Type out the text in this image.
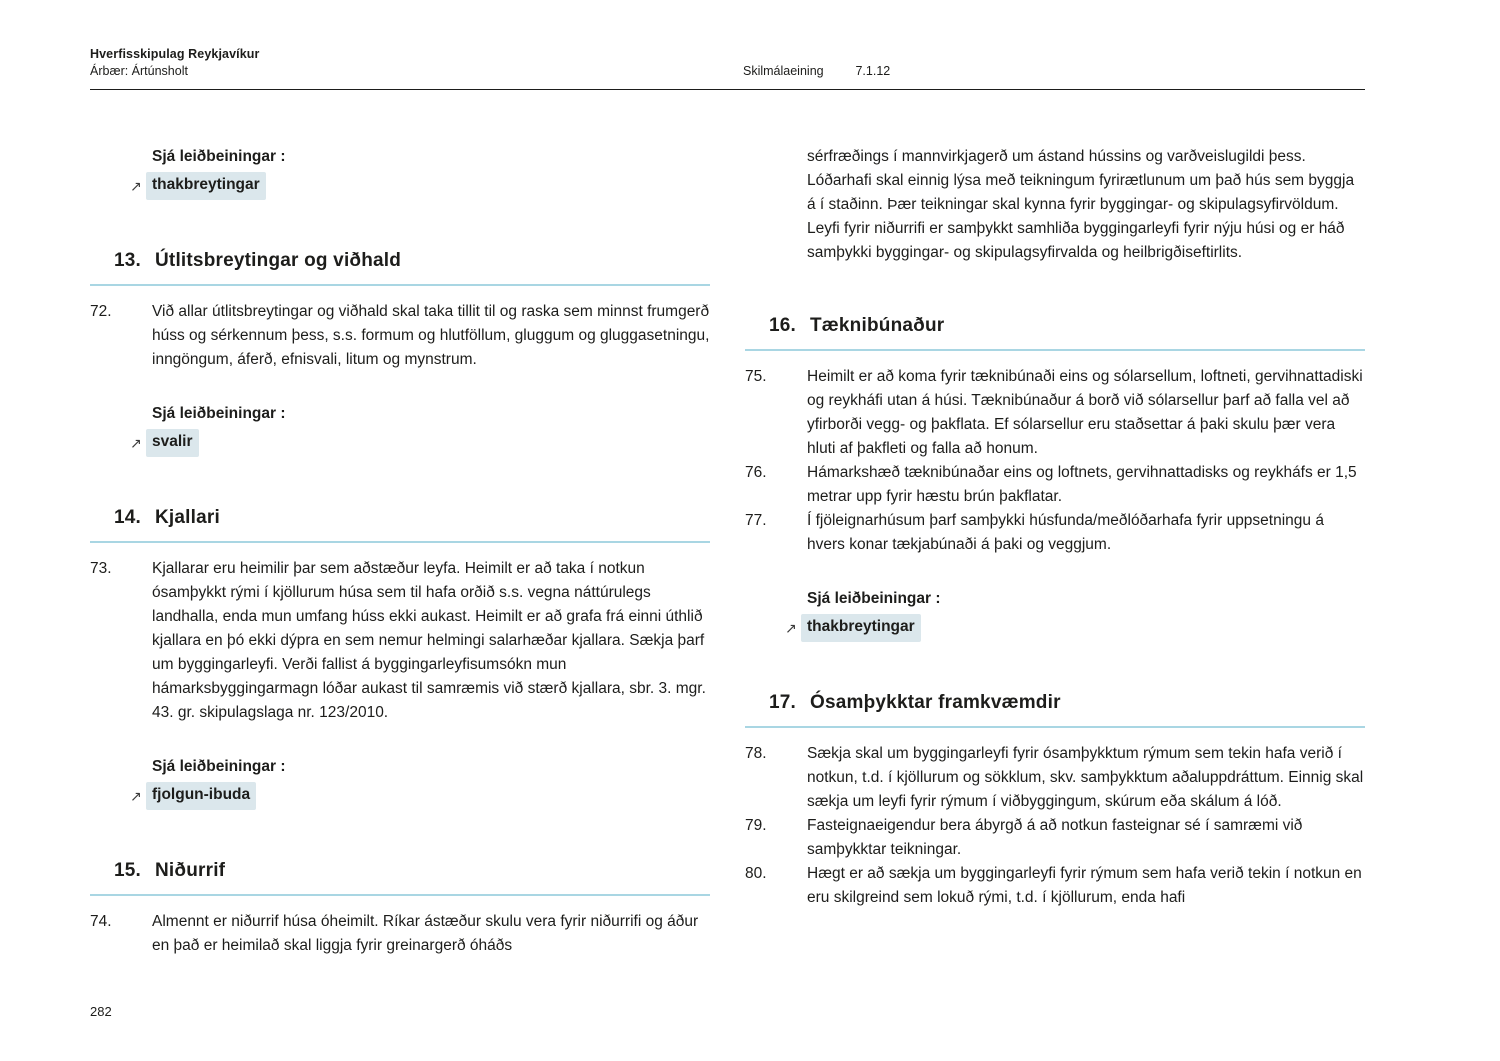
Hverfisskipulag Reykjavíkur
Árbær: Ártúnsholt	Skilmálaeining	7.1.12
Sjá leiðbeiningar :
↗ thakbreytingar
13. Útlitsbreytingar og viðhald
72.	Við allar útlitsbreytingar og viðhald skal taka tillit til og raska sem minnst frumgerð húss og sérkennum þess, s.s. formum og hlutföllum, gluggum og gluggasetningu, inngöngum, áferð, efnisvali, litum og mynstrum.
Sjá leiðbeiningar :
↗ svalir
14. Kjallari
73.	Kjallarar eru heimilir þar sem aðstæður leyfa. Heimilt er að taka í notkun ósamþykkt rými í kjöllurum húsa sem til hafa orðið s.s. vegna náttúrulegs landhalla, enda mun umfang húss ekki aukast. Heimilt er að grafa frá einni úthlið kjallara en þó ekki dýpra en sem nemur helmingi salarhæðar kjallara. Sækja þarf um byggingarleyfi. Verði fallist á byggingarleyfisumsókn mun hámarksbyggingarmagn lóðar aukast til samræmis við stærð kjallara, sbr. 3. mgr. 43. gr. skipulagslaga nr. 123/2010.
Sjá leiðbeiningar :
↗ fjolgun-ibuda
15. Niðurrif
74.	Almennt er niðurrif húsa óheimilt. Ríkar ástæður skulu vera fyrir niðurrifi og áður en það er heimilað skal liggja fyrir greinargerð óháðs
sérfræðings í mannvirkjagerð um ástand hússins og varðveislugildi þess. Lóðarhafi skal einnig lýsa með teikningum fyrirætlunum um það hús sem byggja á í staðinn. Þær teikningar skal kynna fyrir byggingar- og skipulagsyfirvöldum. Leyfi fyrir niðurrifi er samþykkt samhliða byggingarleyfi fyrir nýju húsi og er háð samþykki byggingar- og skipulagsyfirvalda og heilbrigðiseftirlits.
16. Tæknibúnaður
75.	Heimilt er að koma fyrir tæknibúnaði eins og sólarsellum, loftneti, gervihnattadiski og reykháfi utan á húsi. Tæknibúnaður á borð við sólarsellur þarf að falla vel að yfirborði vegg- og þakflata. Ef sólarsellur eru staðsettar á þaki skulu þær vera hluti af þakfleti og falla að honum.
76.	Hámarkshæð tæknibúnaðar eins og loftnets, gervihnattadisks og reykháfs er 1,5 metrar upp fyrir hæstu brún þakflatar.
77.	Í fjöleignarhúsum þarf samþykki húsfunda/meðlóðarhafa fyrir uppsetningu á hvers konar tækjabúnaði á þaki og veggjum.
Sjá leiðbeiningar :
↗ thakbreytingar
17. Ósamþykktar framkvæmdir
78.	Sækja skal um byggingarleyfi fyrir ósamþykktum rýmum sem tekin hafa verið í notkun, t.d. í kjöllurum og sökklum, skv. samþykktum aðaluppdráttum. Einnig skal sækja um leyfi fyrir rýmum í viðbyggingum, skúrum eða skálum á lóð.
79.	Fasteignaeigendur bera ábyrgð á að notkun fasteignar sé í samræmi við samþykktar teikningar.
80.	Hægt er að sækja um byggingarleyfi fyrir rýmum sem hafa verið tekin í notkun en eru skilgreind sem lokuð rými, t.d. í kjöllurum, enda hafi
282
